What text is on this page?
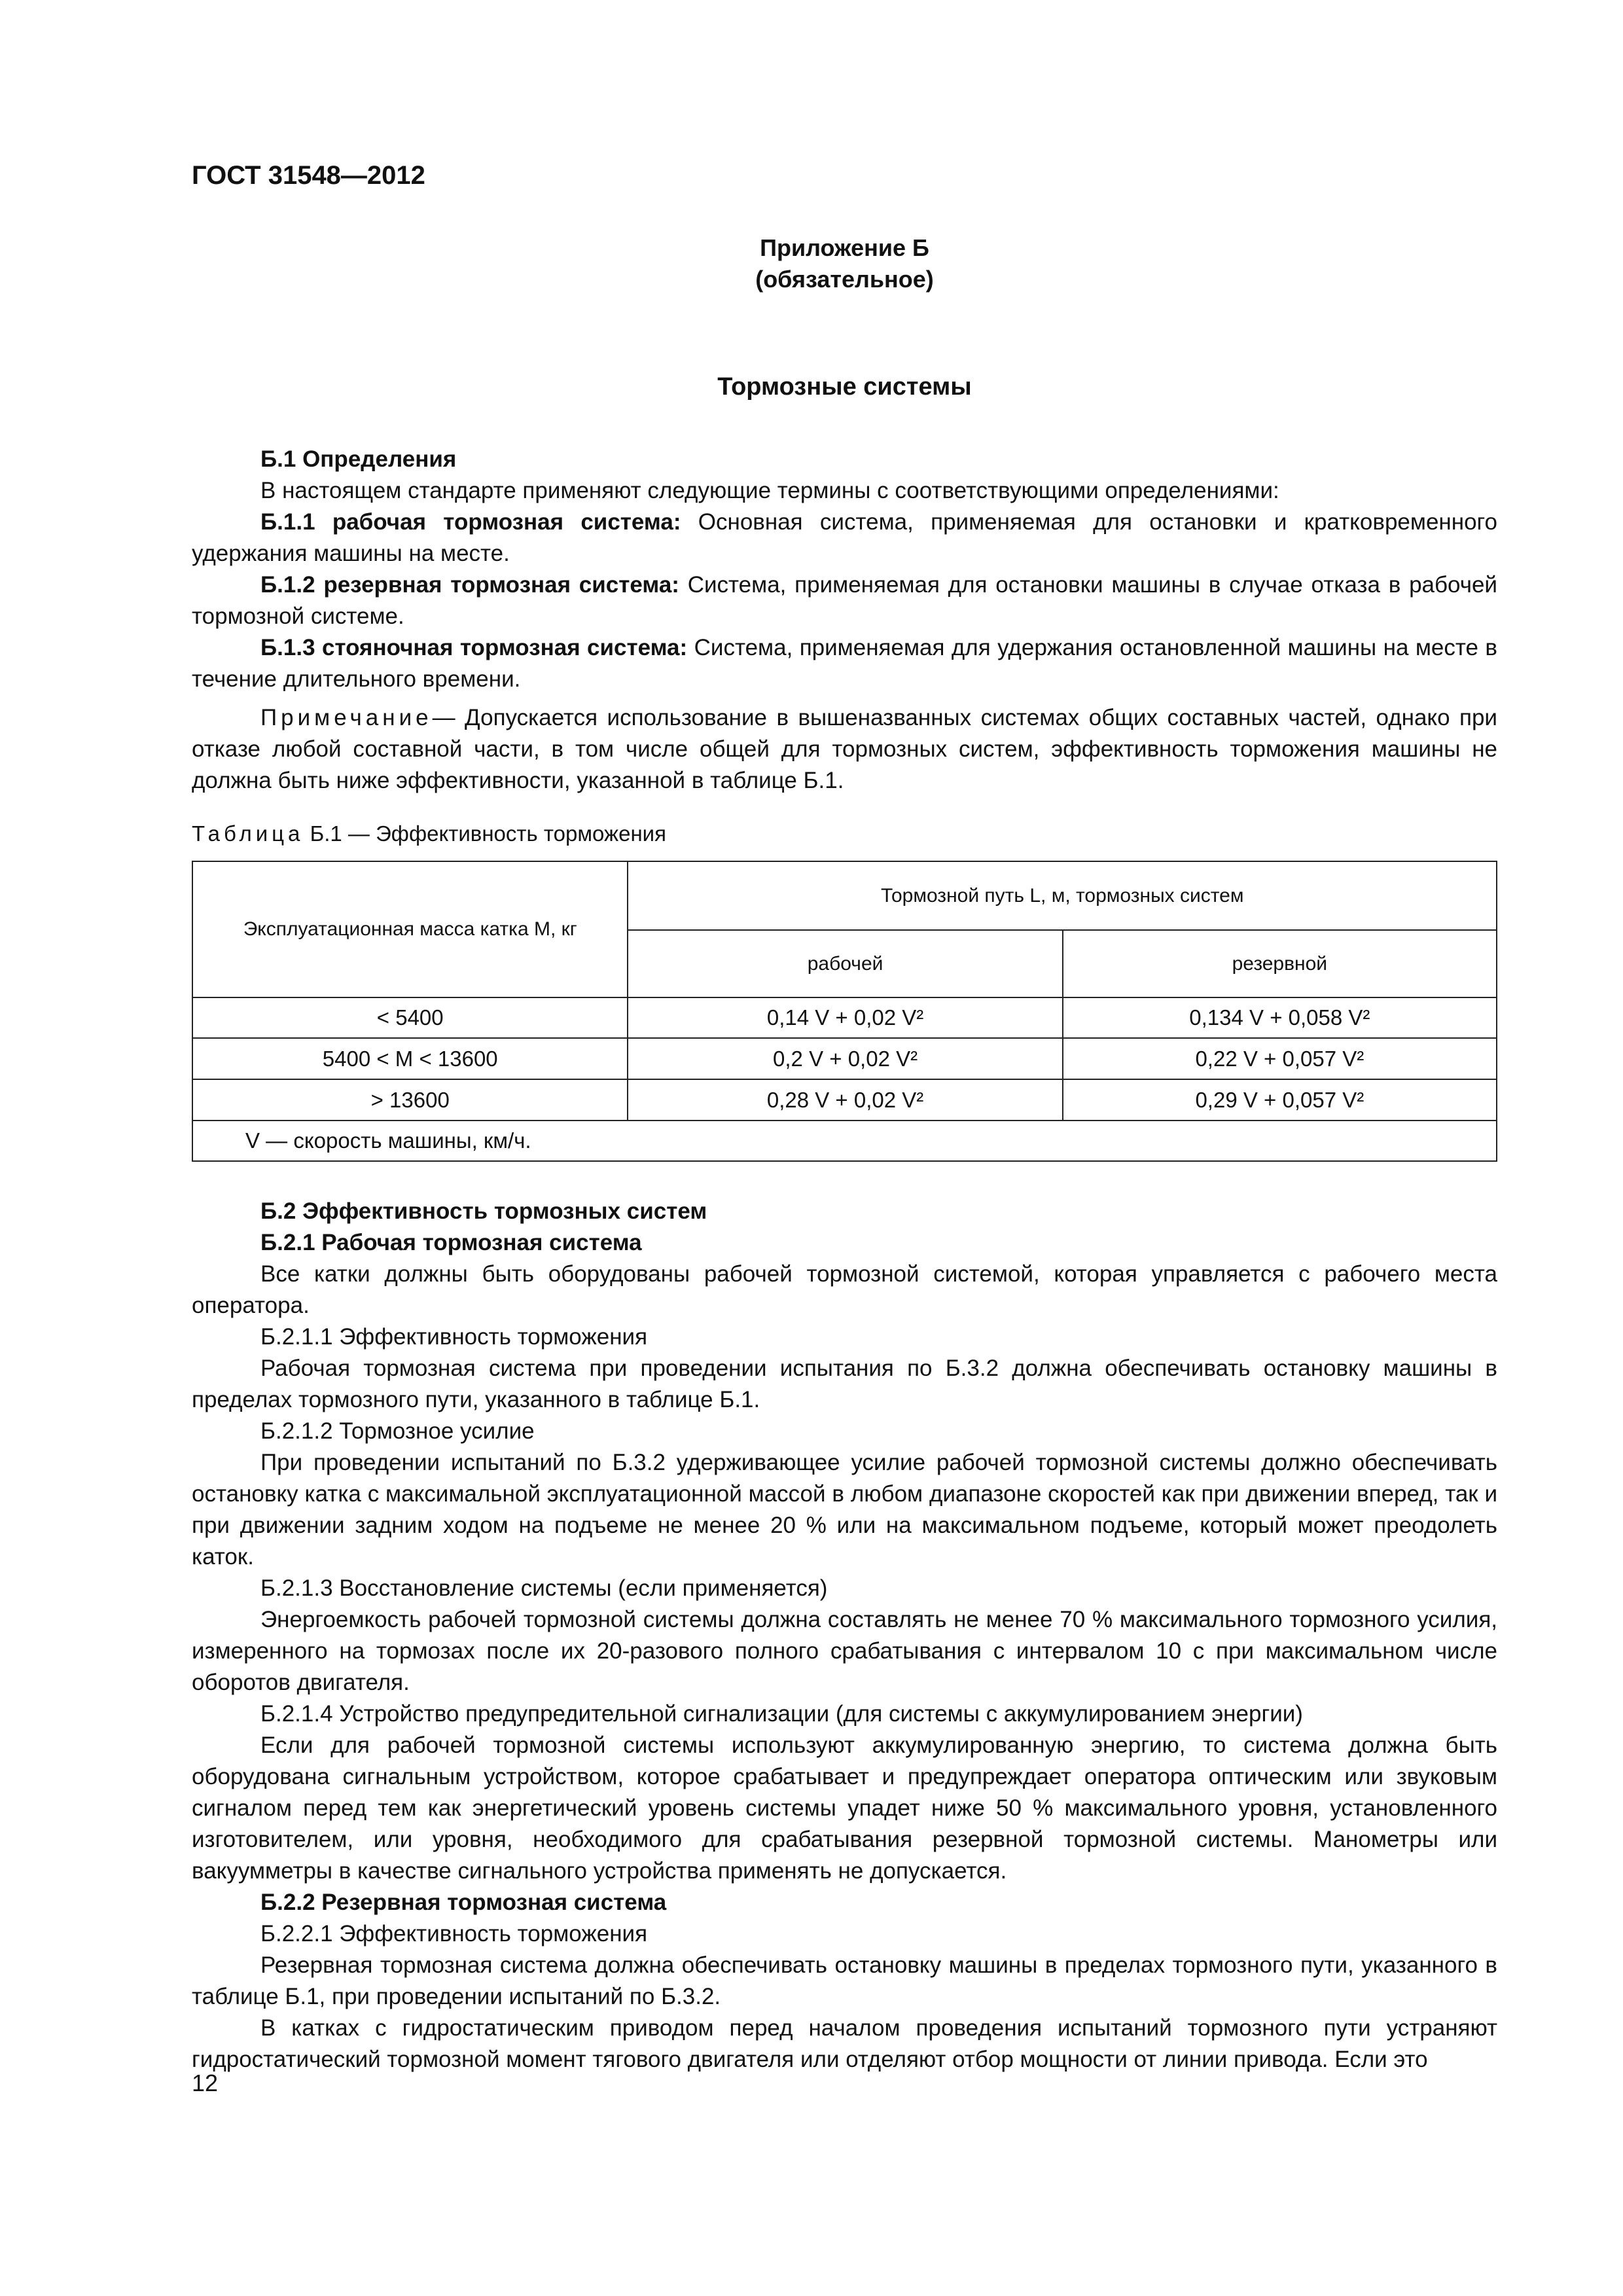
ГОСТ 31548—2012
Приложение Б
(обязательное)
Тормозные системы

Б.1 Определения

В настоящем стандарте применяют следующие термины с соответствующими определениями:

Б.1.1 рабочая тормозная система: Основная система, применяемая для остановки и кратковременного удержания машины на месте.

Б.1.2 резервная тормозная система: Система, применяемая для остановки машины в случае отказа в рабочей тормозной системе.

Б.1.3 стояночная тормозная система: Система, применяемая для удержания остановленной машины на месте в течение длительного времени.

Примечание— Допускается использование в вышеназванных системах общих составных частей, однако при отказе любой составной части, в том числе общей для тормозных систем, эффективность торможения машины не должна быть ниже эффективности, указанной в таблице Б.1.

Таблица Б.1 — Эффективность торможения
Эксплуатационная масса катка M, кг	Тормозной путь L, м, тормозных систем	
	рабочей	резервной
< 5400	0,14 V + 0,02 V²	0,134 V + 0,058 V²
5400 < M < 13600	0,2 V + 0,02 V²	0,22 V + 0,057 V²
> 13600	0,28 V + 0,02 V²	0,29 V + 0,057 V²
V — скорость машины, км/ч.		

Б.2 Эффективность тормозных систем

Б.2.1 Рабочая тормозная система

Все катки должны быть оборудованы рабочей тормозной системой, которая управляется с рабочего места оператора.

Б.2.1.1 Эффективность торможения

Рабочая тормозная система при проведении испытания по Б.3.2 должна обеспечивать остановку машины в пределах тормозного пути, указанного в таблице Б.1.

Б.2.1.2 Тормозное усилие

При проведении испытаний по Б.3.2 удерживающее усилие рабочей тормозной системы должно обеспечивать остановку катка с максимальной эксплуатационной массой в любом диапазоне скоростей как при движении вперед, так и при движении задним ходом на подъеме не менее 20 % или на максимальном подъеме, который может преодолеть каток.

Б.2.1.3 Восстановление системы (если применяется)

Энергоемкость рабочей тормозной системы должна составлять не менее 70 % максимального тормозного усилия, измеренного на тормозах после их 20-разового полного срабатывания с интервалом 10 с при максимальном числе оборотов двигателя.

Б.2.1.4 Устройство предупредительной сигнализации (для системы с аккумулированием энергии)

Если для рабочей тормозной системы используют аккумулированную энергию, то система должна быть оборудована сигнальным устройством, которое срабатывает и предупреждает оператора оптическим или звуковым сигналом перед тем как энергетический уровень системы упадет ниже 50 % максимального уровня, установленного изготовителем, или уровня, необходимого для срабатывания резервной тормозной системы. Манометры или вакуумметры в качестве сигнального устройства применять не допускается.

Б.2.2 Резервная тормозная система

Б.2.2.1 Эффективность торможения

Резервная тормозная система должна обеспечивать остановку машины в пределах тормозного пути, указанного в таблице Б.1, при проведении испытаний по Б.3.2.

В катках с гидростатическим приводом перед началом проведения испытаний тормозного пути устраняют гидростатический тормозной момент тягового двигателя или отделяют отбор мощности от линии привода. Если это

12
